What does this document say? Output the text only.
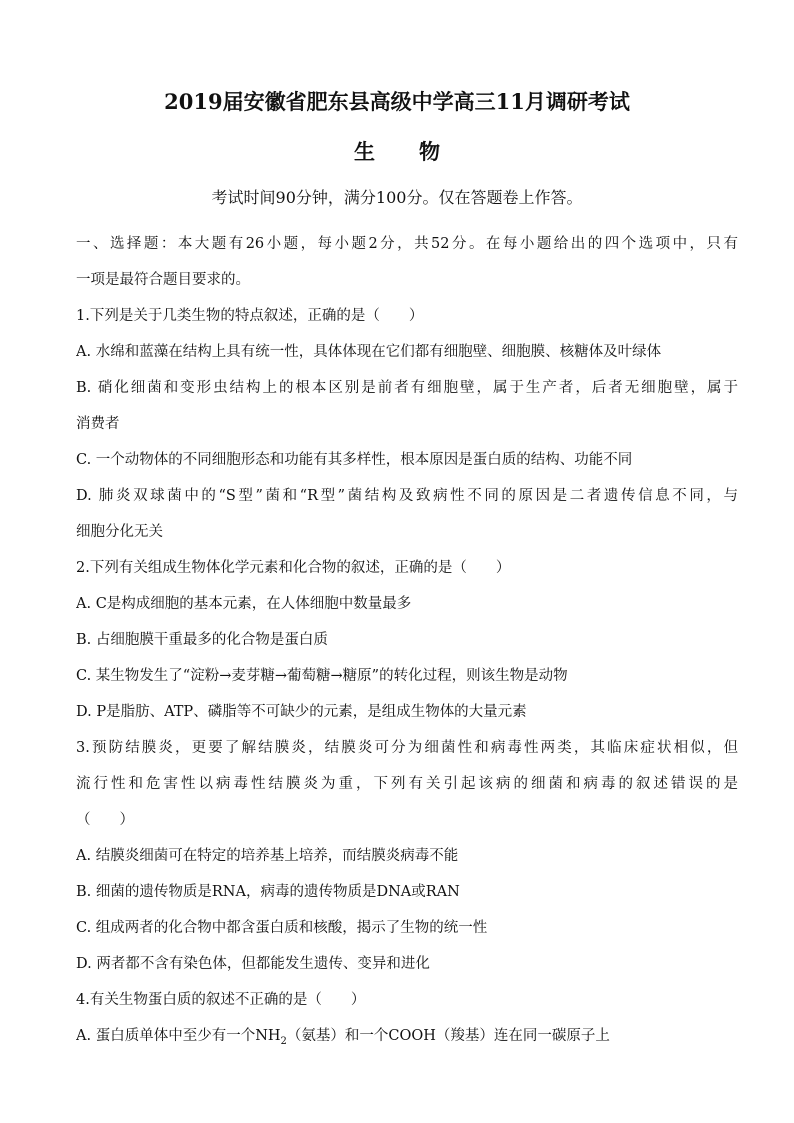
2019届安徽省肥东县高级中学高三11月调研考试
生 物
考试时间90分钟，满分100分。仅在答题卷上作答。
一、选择题：本大题有26小题，每小题2分，共52分。在每小题给出的四个选项中，只有
一项是最符合题目要求的。
1.下列是关于几类生物的特点叙述，正确的是（　　）
A. 水绵和蓝藻在结构上具有统一性，具体体现在它们都有细胞壁、细胞膜、核糖体及叶绿体
B. 硝化细菌和变形虫结构上的根本区别是前者有细胞壁，属于生产者，后者无细胞壁，属于
消费者
C. 一个动物体的不同细胞形态和功能有其多样性，根本原因是蛋白质的结构、功能不同
D. 肺炎双球菌中的“S型”菌和“R型”菌结构及致病性不同的原因是二者遗传信息不同，与
细胞分化无关
2.下列有关组成生物体化学元素和化合物的叙述，正确的是（　　）
A. C是构成细胞的基本元素，在人体细胞中数量最多
B. 占细胞膜干重最多的化合物是蛋白质
C. 某生物发生了“淀粉→麦芽糖→葡萄糖→糖原”的转化过程，则该生物是动物
D. P是脂肪、ATP、磷脂等不可缺少的元素，是组成生物体的大量元素
3.预防结膜炎，更要了解结膜炎，结膜炎可分为细菌性和病毒性两类，其临床症状相似，但
流行性和危害性以病毒性结膜炎为重，下列有关引起该病的细菌和病毒的叙述错误的是
（　　）
A. 结膜炎细菌可在特定的培养基上培养，而结膜炎病毒不能
B. 细菌的遗传物质是RNA，病毒的遗传物质是DNA或RAN
C. 组成两者的化合物中都含蛋白质和核酸，揭示了生物的统一性
D. 两者都不含有染色体，但都能发生遗传、变异和进化
4.有关生物蛋白质的叙述不正确的是（　　）
A. 蛋白质单体中至少有一个$NH_2$（氨基）和一个COOH（羧基）连在同一碳原子上
